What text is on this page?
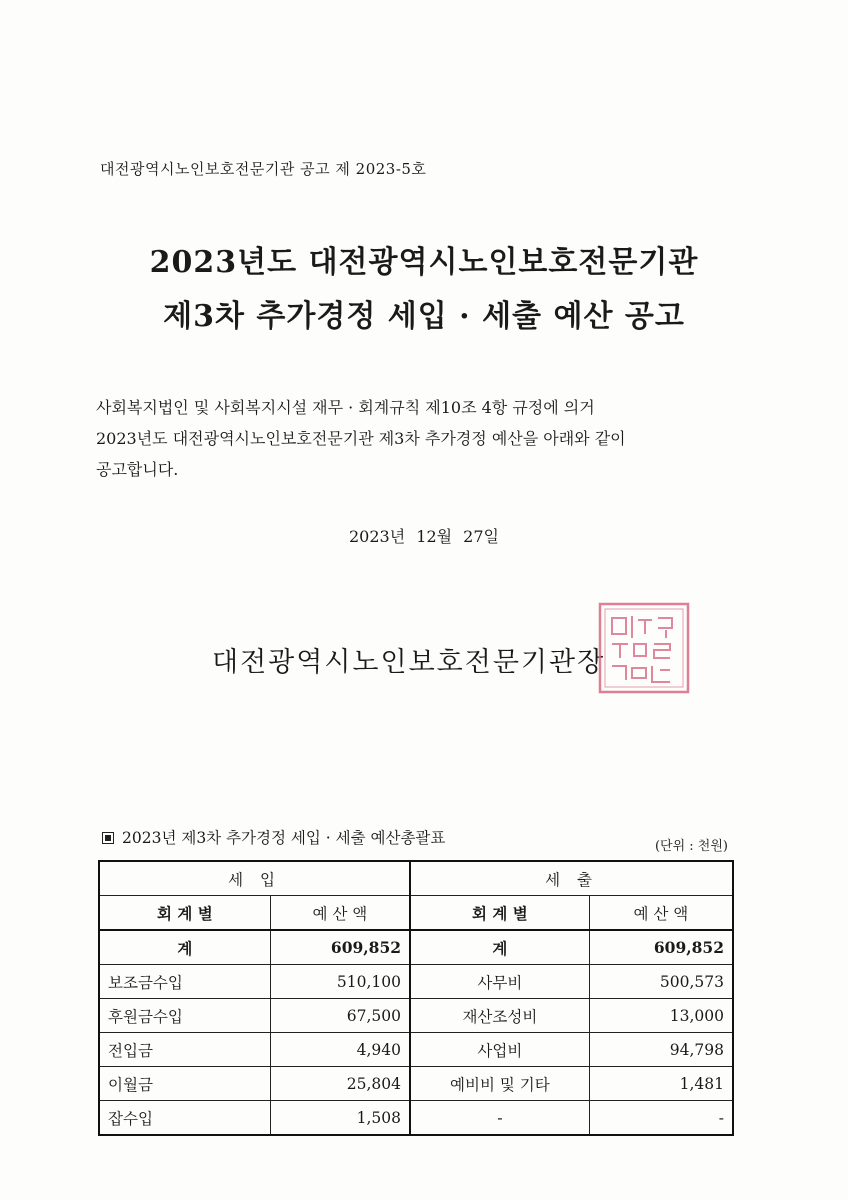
대전광역시노인보호전문기관 공고 제 2023-5호
2023년도 대전광역시노인보호전문기관
제3차 추가경정 세입 · 세출 예산 공고
사회복지법인 및 사회복지시설 재무 · 회계규칙 제10조 4항 규정에 의거
2023년도 대전광역시노인보호전문기관 제3차 추가경정 예산을 아래와 같이
공고합니다.
2023년 12월 27일
대전광역시노인보호전문기관장
2023년 제3차 추가경정 세입 · 세출 예산총괄표	(단위 : 천원)
세 입		세 출	
회 계 별	예 산 액	회 계 별	예 산 액
계	609,852	계	609,852
보조금수입	510,100	사무비	500,573
후원금수입	67,500	재산조성비	13,000
전입금	4,940	사업비	94,798
이월금	25,804	예비비 및 기타	1,481
잡수입	1,508	-	-
